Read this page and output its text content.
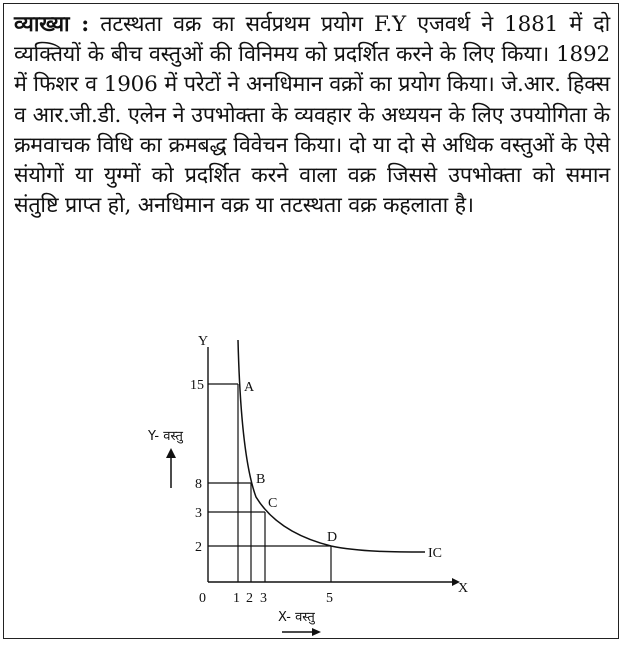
व्याख्या : तटस्थता वक्र का सर्वप्रथम प्रयोग F.Y एजवर्थ ने 1881 में दो व्यक्तियों के बीच वस्तुओं की विनिमय को प्रदर्शित करने के लिए किया। 1892 में फिशर व 1906 में परेटों ने अनधिमान वक्रों का प्रयोग किया। जे.आर. हिक्स व आर.जी.डी. एलेन ने उपभोक्ता के व्यवहार के अध्ययन के लिए उपयोगिता के क्रमवाचक विधि का क्रमबद्ध विवेचन किया। दो या दो से अधिक वस्तुओं के ऐसे संयोगों या युग्मों को प्रदर्शित करने वाला वक्र जिससे उपभोक्ता को समान संतुष्टि प्राप्त हो, अनधिमान वक्र या तटस्थता वक्र कहलाता है।
Y
X
0
15
8
3
2
1 2 3	5
A
B
C
D
IC
Y- वस्तु
X- वस्तु
